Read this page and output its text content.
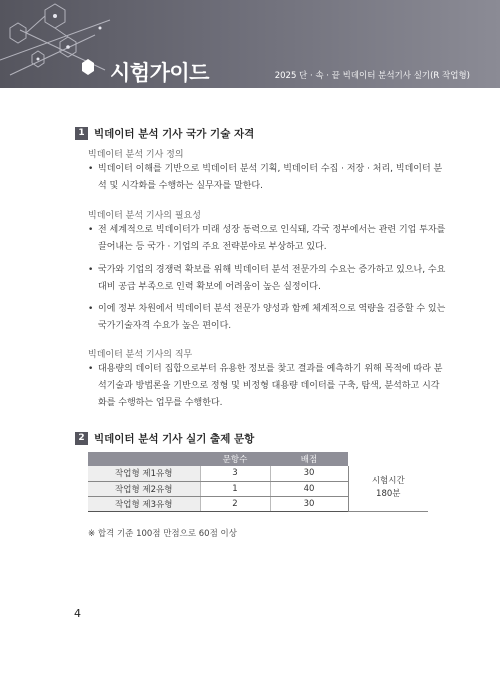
시험가이드	2025 단 · 속 · 끝 빅데이터 분석기사 실기(R 작업형)
1 빅데이터 분석 기사 국가 기술 자격
빅데이터 분석 기사 정의
• 빅데이터 이해를 기반으로 빅데이터 분석 기획, 빅데이터 수집 · 저장 · 처리, 빅데이터 분
석 및 시각화를 수행하는 실무자를 말한다.
빅데이터 분석 기사의 필요성
• 전 세계적으로 빅데이터가 미래 성장 동력으로 인식돼, 각국 정부에서는 관련 기업 투자를
끌어내는 등 국가 · 기업의 주요 전략분야로 부상하고 있다.
• 국가와 기업의 경쟁력 확보를 위해 빅데이터 분석 전문가의 수요는 증가하고 있으나, 수요
대비 공급 부족으로 인력 확보에 어려움이 높은 실정이다.
• 이에 정부 차원에서 빅데이터 분석 전문가 양성과 함께 체계적으로 역량을 검증할 수 있는
국가기술자격 수요가 높은 편이다.
빅데이터 분석 기사의 직무
• 대용량의 데이터 집합으로부터 유용한 정보를 찾고 결과를 예측하기 위해 목적에 따라 분
석기술과 방법론을 기반으로 정형 및 비정형 대용량 데이터를 구축, 탐색, 분석하고 시각
화를 수행하는 업무를 수행한다.
2 빅데이터 분석 기사 실기 출제 문항
	문항수	배점	
작업형 제1유형	3	30	시험시간
180분

작업형 제2유형	1	40	
작업형 제3유형	2	30	
※ 합격 기준 100점 만점으로 60점 이상
4
